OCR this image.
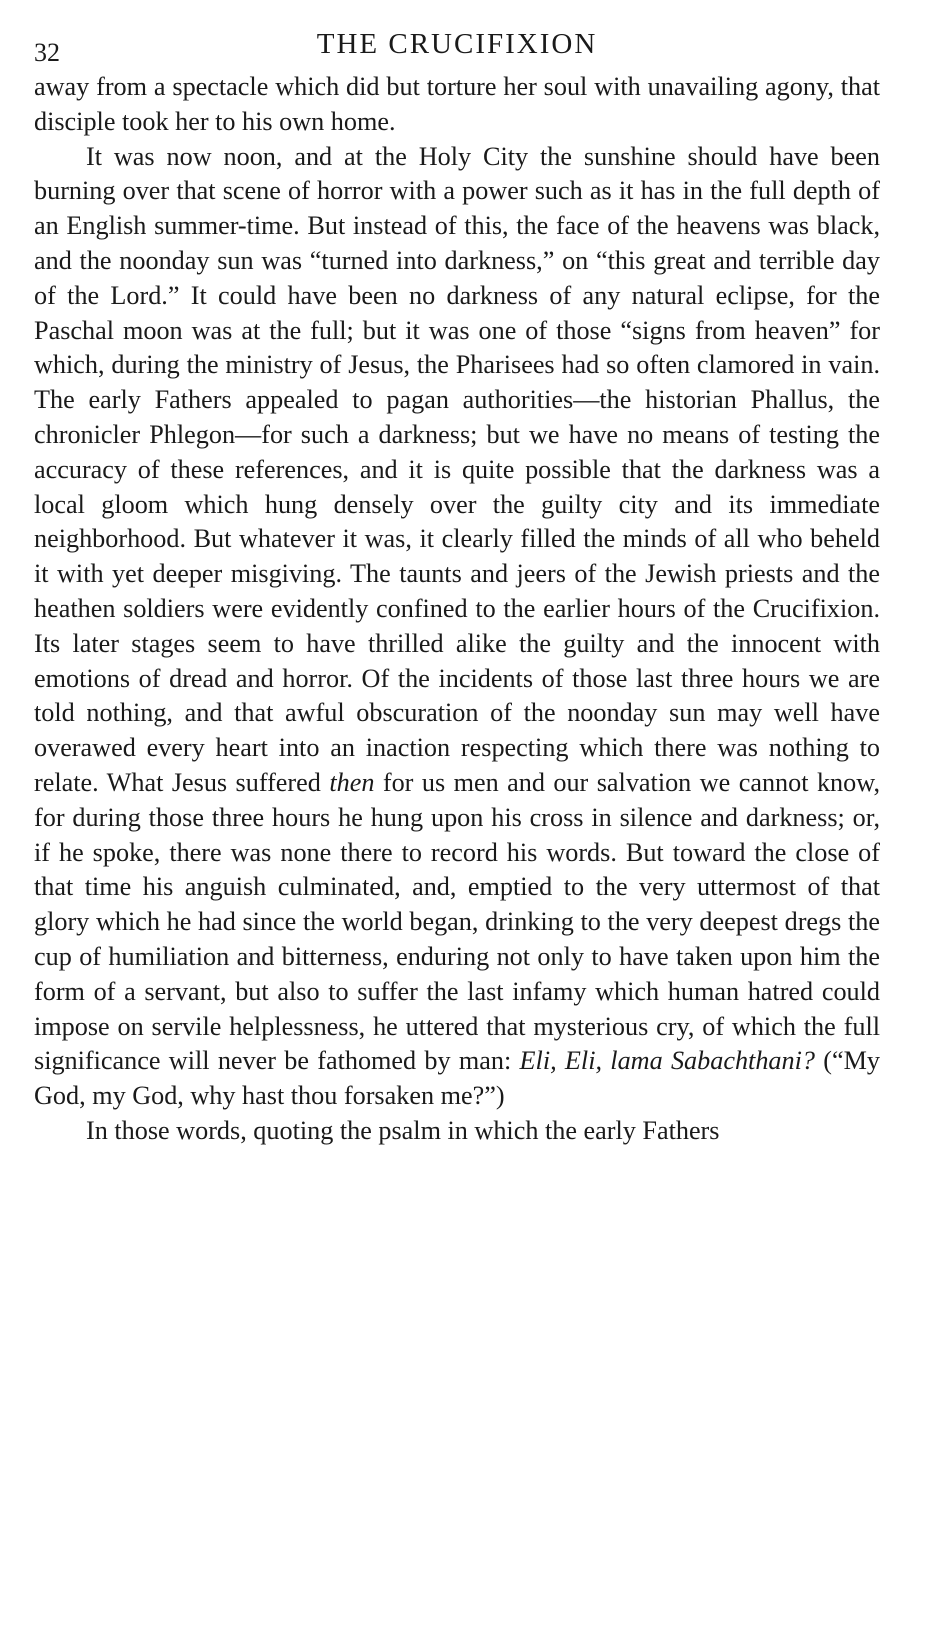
32	THE CRUCIFIXION

away from a spectacle which did but torture her soul with unavailing agony, that disciple took her to his own home.

It was now noon, and at the Holy City the sunshine should have been burning over that scene of horror with a power such as it has in the full depth of an English summer-time. But instead of this, the face of the heavens was black, and the noonday sun was “turned into darkness,” on “this great and terrible day of the Lord.” It could have been no darkness of any natural eclipse, for the Paschal moon was at the full; but it was one of those “signs from heaven” for which, during the ministry of Jesus, the Pharisees had so often clamored in vain. The early Fathers appealed to pagan authorities—the historian Phallus, the chronicler Phlegon—for such a darkness; but we have no means of testing the accuracy of these references, and it is quite possible that the darkness was a local gloom which hung densely over the guilty city and its immediate neighborhood. But whatever it was, it clearly filled the minds of all who beheld it with yet deeper misgiving. The taunts and jeers of the Jewish priests and the heathen soldiers were evidently confined to the earlier hours of the Crucifixion. Its later stages seem to have thrilled alike the guilty and the innocent with emotions of dread and horror. Of the incidents of those last three hours we are told nothing, and that awful obscuration of the noonday sun may well have overawed every heart into an inaction respecting which there was nothing to relate. What Jesus suffered then for us men and our salvation we cannot know, for during those three hours he hung upon his cross in silence and darkness; or, if he spoke, there was none there to record his words. But toward the close of that time his anguish culminated, and, emptied to the very uttermost of that glory which he had since the world began, drinking to the very deepest dregs the cup of humiliation and bitterness, enduring not only to have taken upon him the form of a servant, but also to suffer the last infamy which human hatred could impose on servile helplessness, he uttered that mysterious cry, of which the full significance will never be fathomed by man: Eli, Eli, lama Sabachthani? (“My God, my God, why hast thou forsaken me?”)

In those words, quoting the psalm in which the early Fathers
